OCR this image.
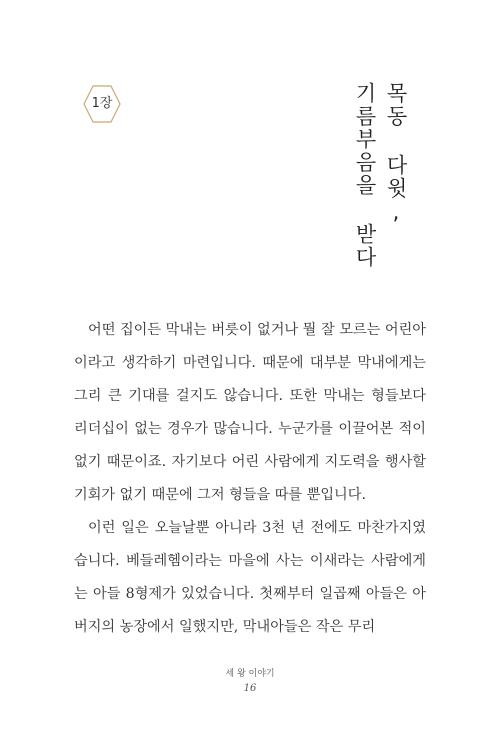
1장	목동 다윗,
기름부음을 받다

어떤 집이든 막내는 버릇이 없거나 뭘 잘 모르는 어린아이라고 생각하기 마련입니다. 때문에 대부분 막내에게는 그리 큰 기대를 걸지도 않습니다. 또한 막내는 형들보다 리더십이 없는 경우가 많습니다. 누군가를 이끌어본 적이 없기 때문이죠. 자기보다 어린 사람에게 지도력을 행사할 기회가 없기 때문에 그저 형들을 따를 뿐입니다.

이런 일은 오늘날뿐 아니라 3천 년 전에도 마찬가지였습니다. 베들레헴이라는 마을에 사는 이새라는 사람에게는 아들 8형제가 있었습니다. 첫째부터 일곱째 아들은 아버지의 농장에서 일했지만, 막내아들은 작은 무리

세 왕 이야기
16
